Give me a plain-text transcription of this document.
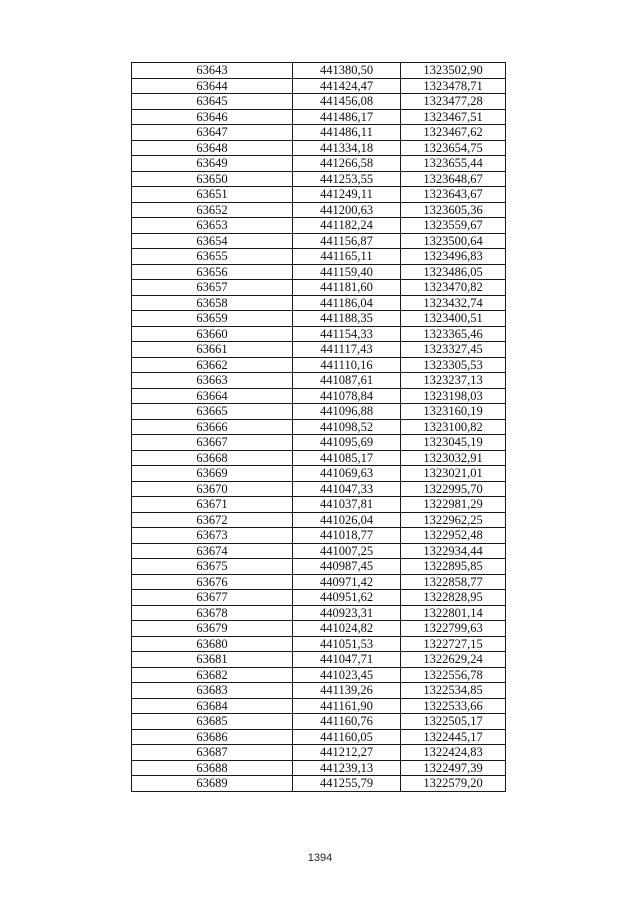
63643	441380,50	1323502,90
63644	441424,47	1323478,71
63645	441456,08	1323477,28
63646	441486,17	1323467,51
63647	441486,11	1323467,62
63648	441334,18	1323654,75
63649	441266,58	1323655,44
63650	441253,55	1323648,67
63651	441249,11	1323643,67
63652	441200,63	1323605,36
63653	441182,24	1323559,67
63654	441156,87	1323500,64
63655	441165,11	1323496,83
63656	441159,40	1323486,05
63657	441181,60	1323470,82
63658	441186,04	1323432,74
63659	441188,35	1323400,51
63660	441154,33	1323365,46
63661	441117,43	1323327,45
63662	441110,16	1323305,53
63663	441087,61	1323237,13
63664	441078,84	1323198,03
63665	441096,88	1323160,19
63666	441098,52	1323100,82
63667	441095,69	1323045,19
63668	441085,17	1323032,91
63669	441069,63	1323021,01
63670	441047,33	1322995,70
63671	441037,81	1322981,29
63672	441026,04	1322962,25
63673	441018,77	1322952,48
63674	441007,25	1322934,44
63675	440987,45	1322895,85
63676	440971,42	1322858,77
63677	440951,62	1322828,95
63678	440923,31	1322801,14
63679	441024,82	1322799,63
63680	441051,53	1322727,15
63681	441047,71	1322629,24
63682	441023,45	1322556,78
63683	441139,26	1322534,85
63684	441161,90	1322533,66
63685	441160,76	1322505,17
63686	441160,05	1322445,17
63687	441212,27	1322424,83
63688	441239,13	1322497,39
63689	441255,79	1322579,20
1394
